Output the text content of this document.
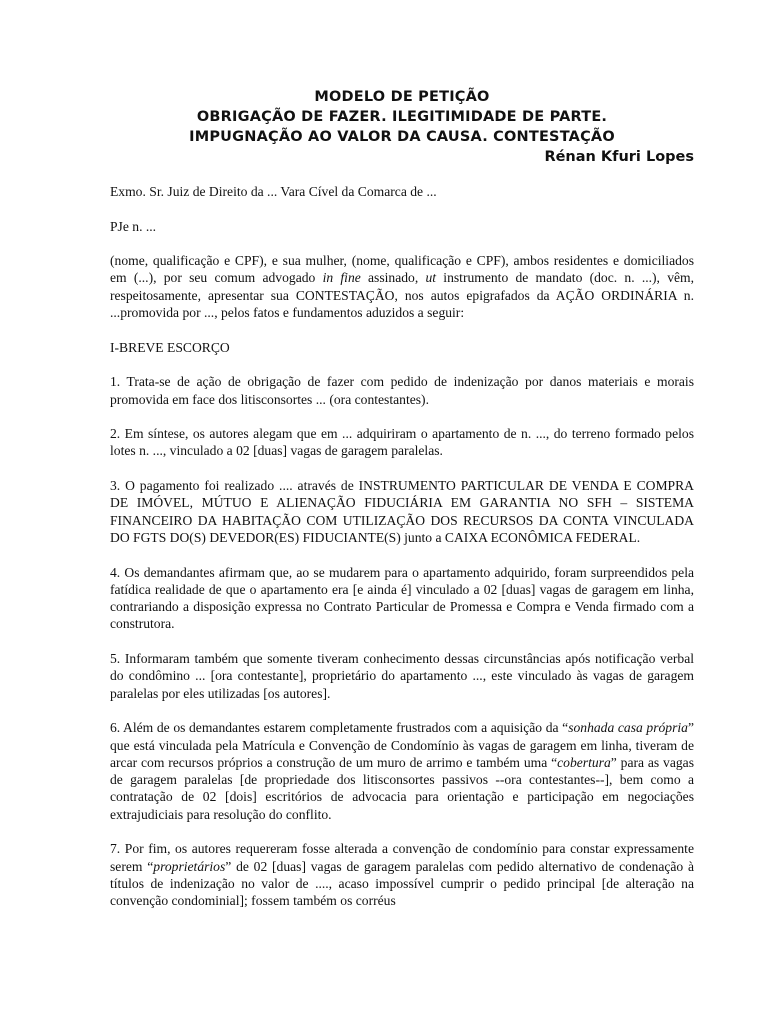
MODELO DE PETIÇÃO
OBRIGAÇÃO DE FAZER. ILEGITIMIDADE DE PARTE.
IMPUGNAÇÃO AO VALOR DA CAUSA. CONTESTAÇÃO
Rénan Kfuri Lopes

Exmo. Sr. Juiz de Direito da ... Vara Cível da Comarca de ...

PJe n. ...

(nome, qualificação e CPF), e sua mulher, (nome, qualificação e CPF), ambos residentes e domiciliados em (...), por seu comum advogado in fine assinado, ut instrumento de mandato (doc. n. ...), vêm, respeitosamente, apresentar sua CONTESTAÇÃO, nos autos epigrafados da AÇÃO ORDINÁRIA n. ...promovida por ..., pelos fatos e fundamentos aduzidos a seguir:

I-BREVE ESCORÇO

1. Trata-se de ação de obrigação de fazer com pedido de indenização por danos materiais e morais promovida em face dos litisconsortes ... (ora contestantes).

2. Em síntese, os autores alegam que em ... adquiriram o apartamento de n. ..., do terreno formado pelos lotes n. ..., vinculado a 02 [duas] vagas de garagem paralelas.

3. O pagamento foi realizado .... através de INSTRUMENTO PARTICULAR DE VENDA E COMPRA DE IMÓVEL, MÚTUO E ALIENAÇÃO FIDUCIÁRIA EM GARANTIA NO SFH – SISTEMA FINANCEIRO DA HABITAÇÃO COM UTILIZAÇÃO DOS RECURSOS DA CONTA VINCULADA DO FGTS DO(S) DEVEDOR(ES) FIDUCIANTE(S) junto a CAIXA ECONÔMICA FEDERAL.

4. Os demandantes afirmam que, ao se mudarem para o apartamento adquirido, foram surpreendidos pela fatídica realidade de que o apartamento era [e ainda é] vinculado a 02 [duas] vagas de garagem em linha, contrariando a disposição expressa no Contrato Particular de Promessa e Compra e Venda firmado com a construtora.

5. Informaram também que somente tiveram conhecimento dessas circunstâncias após notificação verbal do condômino ... [ora contestante], proprietário do apartamento ..., este vinculado às vagas de garagem paralelas por eles utilizadas [os autores].

6. Além de os demandantes estarem completamente frustrados com a aquisição da “sonhada casa própria” que está vinculada pela Matrícula e Convenção de Condomínio às vagas de garagem em linha, tiveram de arcar com recursos próprios a construção de um muro de arrimo e também uma “cobertura” para as vagas de garagem paralelas [de propriedade dos litisconsortes passivos --ora contestantes--], bem como a contratação de 02 [dois] escritórios de advocacia para orientação e participação em negociações extrajudiciais para resolução do conflito.

7. Por fim, os autores requereram fosse alterada a convenção de condomínio para constar expressamente serem “proprietários” de 02 [duas] vagas de garagem paralelas com pedido alternativo de condenação à títulos de indenização no valor de ...., acaso impossível cumprir o pedido principal [de alteração na convenção condominial]; fossem também os corréus
